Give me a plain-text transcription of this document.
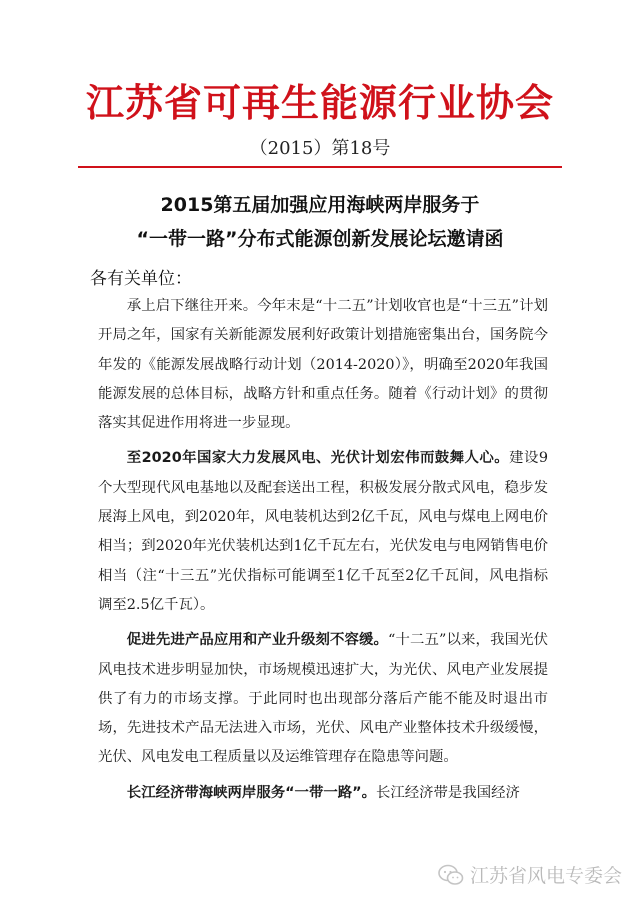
江苏省可再生能源行业协会
（2015）第18号
2015第五届加强应用海峡两岸服务于
“一带一路”分布式能源创新发展论坛邀请函
各有关单位：

承上启下继往开来。今年末是“十二五”计划收官也是“十三五”计划开局之年，国家有关新能源发展利好政策计划措施密集出台，国务院今年发的《能源发展战略行动计划（2014-2020）》，明确至2020年我国能源发展的总体目标，战略方针和重点任务。随着《行动计划》的贯彻落实其促进作用将进一步显现。

至2020年国家大力发展风电、光伏计划宏伟而鼓舞人心。建设9个大型现代风电基地以及配套送出工程，积极发展分散式风电，稳步发展海上风电，到2020年，风电装机达到2亿千瓦，风电与煤电上网电价相当；到2020年光伏装机达到1亿千瓦左右，光伏发电与电网销售电价相当（注“十三五”光伏指标可能调至1亿千瓦至2亿千瓦间，风电指标调至2.5亿千瓦）。

促进先进产品应用和产业升级刻不容缓。“十二五”以来，我国光伏风电技术进步明显加快，市场规模迅速扩大，为光伏、风电产业发展提供了有力的市场支撑。于此同时也出现部分落后产能不能及时退出市场，先进技术产品无法进入市场，光伏、风电产业整体技术升级缓慢，光伏、风电发电工程质量以及运维管理存在隐患等问题。

长江经济带海峡两岸服务“一带一路”。长江经济带是我国经济

江苏省风电专委会
